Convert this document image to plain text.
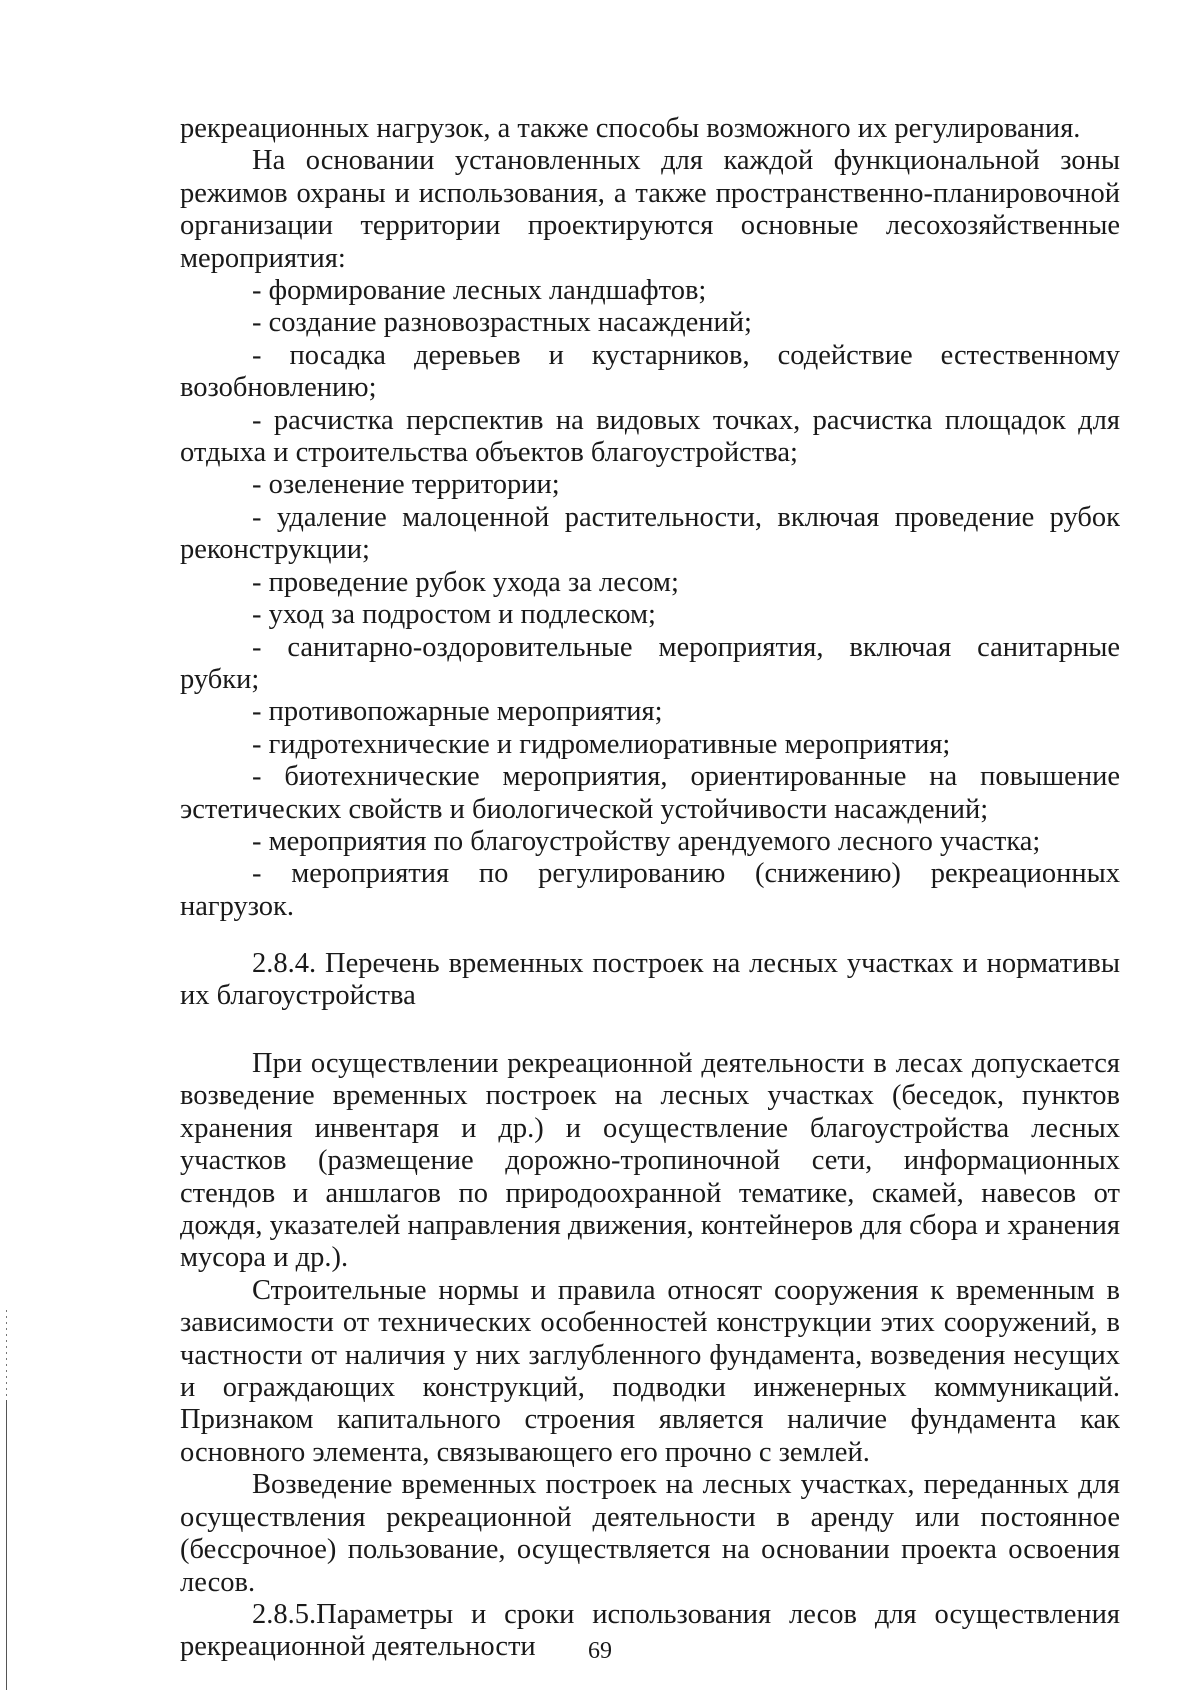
рекреационных нагрузок, а также способы возможного их регулирования.

На основании установленных для каждой функциональной зоны режимов охраны и использования, а также пространственно-планировочной организации территории проектируются основные лесохозяйственные мероприятия:

- формирование лесных ландшафтов;

- создание разновозрастных насаждений;

- посадка деревьев и кустарников, содействие естественному возобновлению;

- расчистка перспектив на видовых точках, расчистка площадок для отдыха и строительства объектов благоустройства;

- озеленение территории;

- удаление малоценной растительности, включая проведение рубок реконструкции;

- проведение рубок ухода за лесом;

- уход за подростом и подлеском;

- санитарно-оздоровительные мероприятия, включая санитарные рубки;

- противопожарные мероприятия;

- гидротехнические и гидромелиоративные мероприятия;

- биотехнические мероприятия, ориентированные на повышение эстетических свойств и биологической устойчивости насаждений;

- мероприятия по благоустройству арендуемого лесного участка;

- мероприятия по регулированию (снижению) рекреационных нагрузок.

2.8.4. Перечень временных построек на лесных участках и нормативы их благоустройства

При осуществлении рекреационной деятельности в лесах допускается возведение временных построек на лесных участках (беседок, пунктов хранения инвентаря и др.) и осуществление благоустройства лесных участков (размещение дорожно-тропиночной сети, информационных стендов и аншлагов по природоохранной тематике, скамей, навесов от дождя, указателей направления движения, контейнеров для сбора и хранения мусора и др.).

Строительные нормы и правила относят сооружения к временным в зависимости от технических особенностей конструкции этих сооружений, в частности от наличия у них заглубленного фундамента, возведения несущих и ограждающих конструкций, подводки инженерных коммуникаций. Признаком капитального строения является наличие фундамента как основного элемента, связывающего его прочно с землей.

Возведение временных построек на лесных участках, переданных для осуществления рекреационной деятельности в аренду или постоянное (бессрочное) пользование, осуществляется на основании проекта освоения лесов.

2.8.5.Параметры и сроки использования лесов для осуществления рекреационной деятельности	69
